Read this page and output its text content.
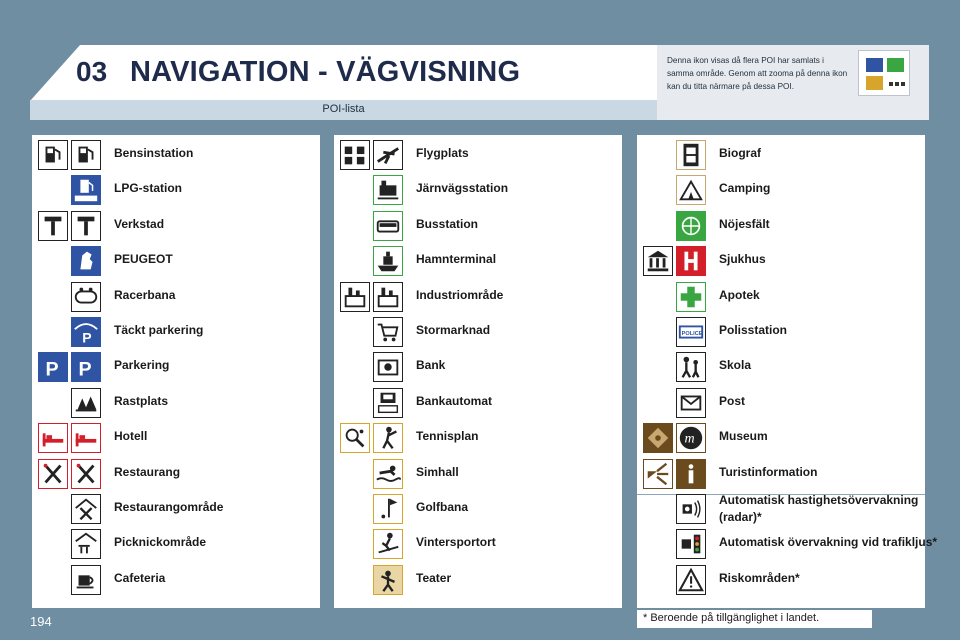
03 NAVIGATION - VÄGVISNING	Denna ikon visas då flera POI har samlats i samma område. Genom att zooma på denna ikon kan du titta närmare på dessa POI.
POI-lista
Bensinstation
LPG-station
Verkstad
PEUGEOT
Racerbana
P Täckt parkering
P P Parkering
Rastplats
Hotell
Restaurang
Restaurangområde
Picknickområde
Cafeteria
Flygplats
Järnvägsstation
Busstation
Hamnterminal
Industriområde
Stormarknad
Bank
Bankautomat
Tennisplan
Simhall
Golfbana
Vintersportort
Teater
Biograf
Camping
Nöjesfält
Sjukhus
Apotek
POLICE Polisstation
Skola
Post
m Museum
Turistinformation
Automatisk hastighetsövervakning (radar)*
Automatisk övervakning vid trafikljus*
Riskområden*
194	* Beroende på tillgänglighet i landet.
